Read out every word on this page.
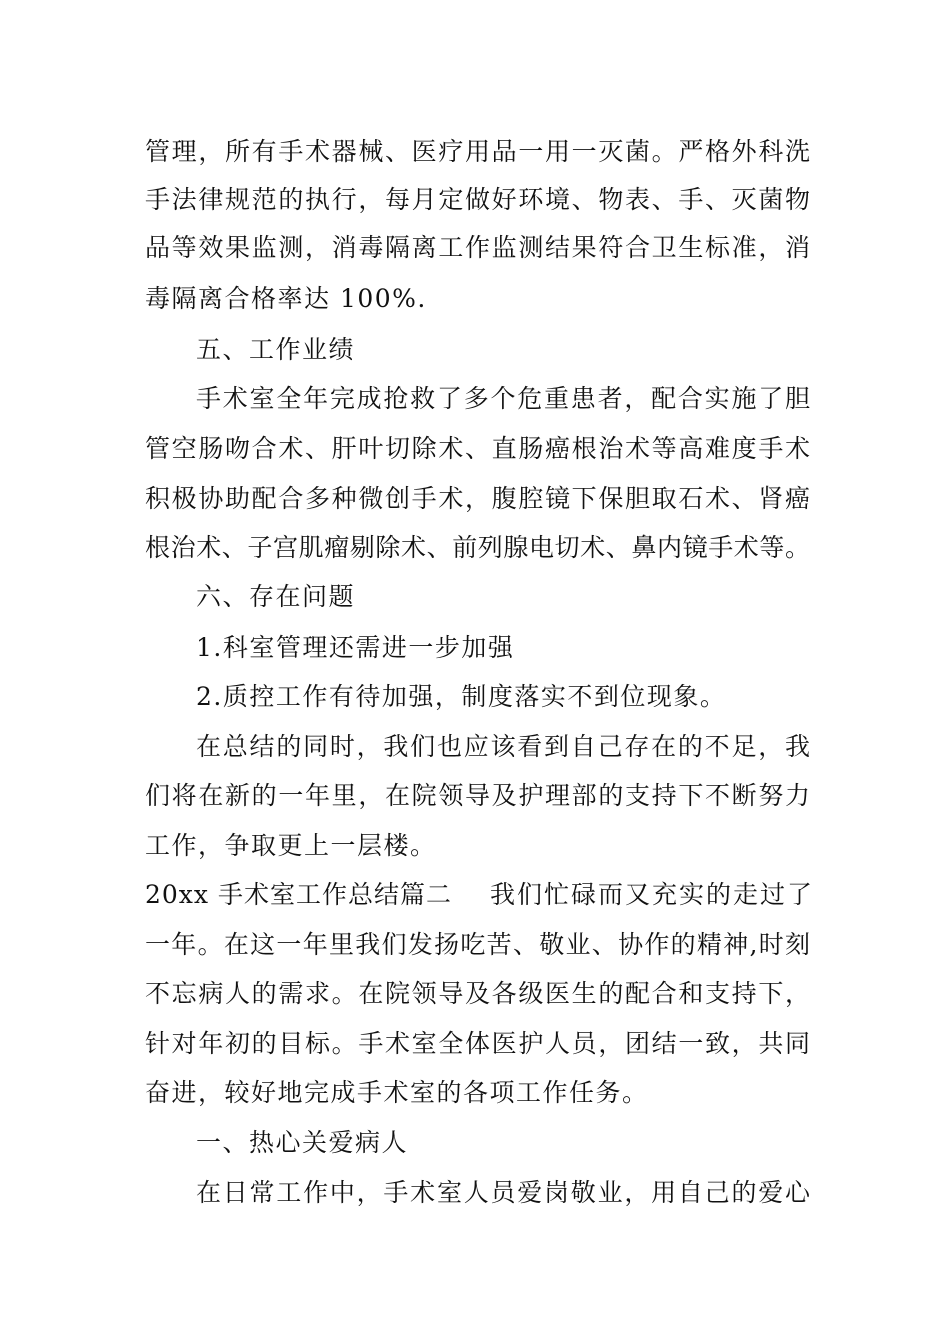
管理，所有手术器械、医疗用品一用一灭菌。严格外科洗
手法律规范的执行，每月定做好环境、物表、手、灭菌物
品等效果监测，消毒隔离工作监测结果符合卫生标准，消
毒隔离合格率达 100%.
五、工作业绩
手术室全年完成抢救了多个危重患者，配合实施了胆
管空肠吻合术、肝叶切除术、直肠癌根治术等高难度手术
积极协助配合多种微创手术，腹腔镜下保胆取石术、肾癌
根治术、子宫肌瘤剔除术、前列腺电切术、鼻内镜手术等。
六、存在问题
1.科室管理还需进一步加强
2.质控工作有待加强，制度落实不到位现象。
在总结的同时，我们也应该看到自己存在的不足，我
们将在新的一年里，在院领导及护理部的支持下不断努力
工作，争取更上一层楼。
20xx 手术室工作总结篇二	我们忙碌而又充实的走过了
一年。在这一年里我们发扬吃苦、敬业、协作的精神,时刻
不忘病人的需求。在院领导及各级医生的配合和支持下，
针对年初的目标。手术室全体医护人员，团结一致，共同
奋进，较好地完成手术室的各项工作任务。
一、热心关爱病人
在日常工作中，手术室人员爱岗敬业，用自己的爱心
